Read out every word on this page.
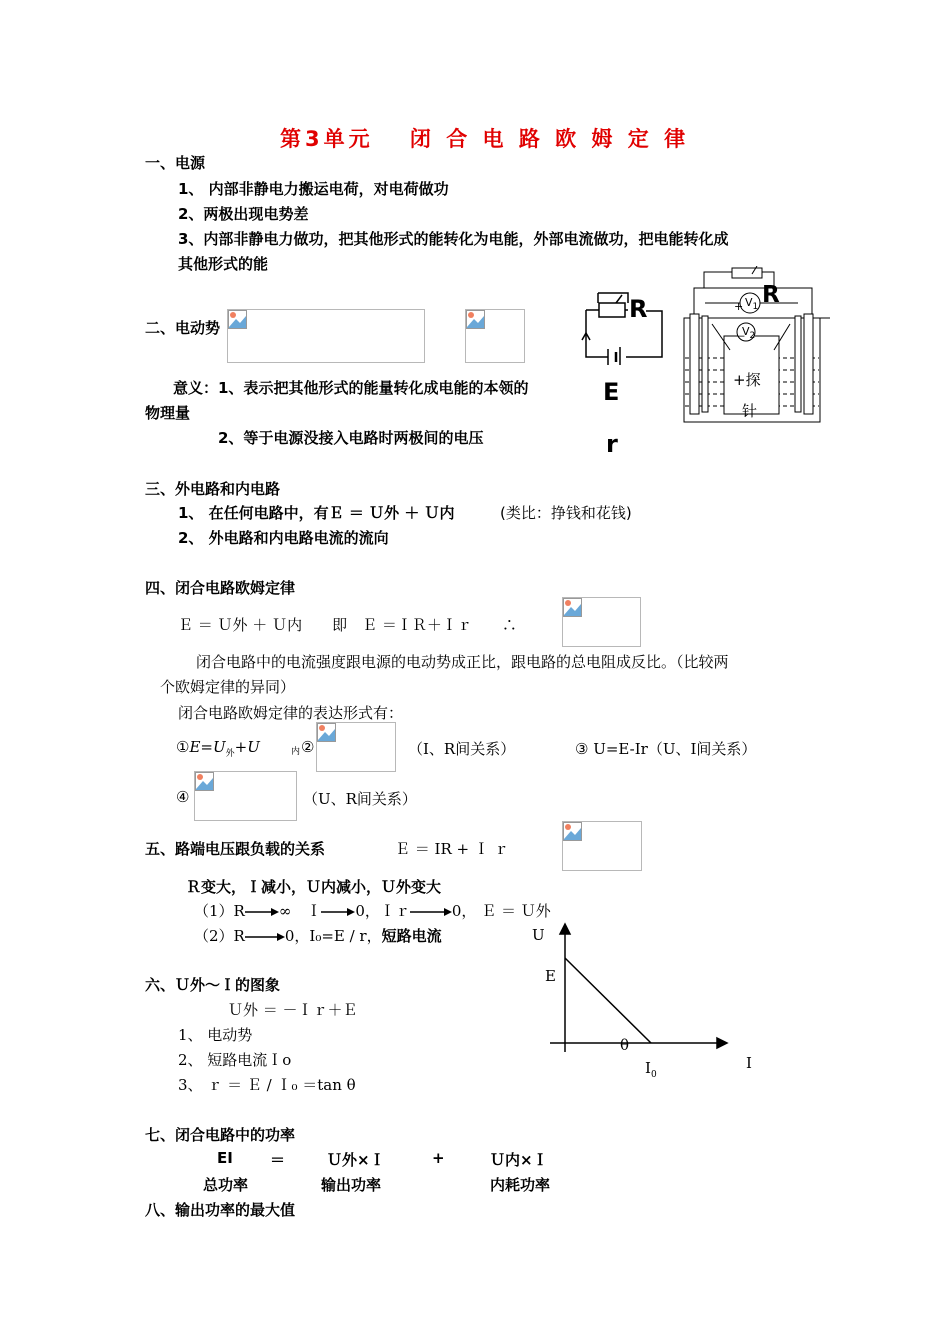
第3单元　 闭 合 电 路 欧 姆 定 律
一、电源
1、 内部非静电力搬运电荷，对电荷做功
2、两极出现电势差
3、内部非静电力做功，把其他形式的能转化为电能，外部电流做功，把电能转化成
其他形式的能
二、电动势
意义：1、表示把其他形式的能量转化成电能的本领的
物理量
2、等于电源没接入电路时两极间的电压
R
E
r
R
$V_1$
$V_2$
+
—
+探
针
三、外电路和内电路
1、 在任何电路中，有Ｅ ＝ Ｕ外 ＋ Ｕ内	(类比：挣钱和花钱)
2、 外电路和内电路电流的流向
四、闭合电路欧姆定律
Ｅ ＝ Ｕ外 ＋ Ｕ内　　即　Ｅ ＝ＩＲ＋Ｉｒ　　∴
闭合电路中的电流强度跟电源的电动势成正比，跟电路的总电阻成反比。（比较两
个欧姆定律的异同）
闭合电路欧姆定律的表达形式有：
$①E=U_外+U$	内 ②	（I、R间关系）	③ U=E-Ir（U、I间关系）
④	（U、R间关系）
五、路端电压跟负载的关系	Ｅ ＝ IR + Ｉ ｒ
Ｒ变大，Ｉ减小，Ｕ内减小，Ｕ外变大
（1）R ∞　Ｉ 0，Ｉｒ	0， Ｅ ＝ Ｕ外
（2）R	0，I₀=E / r，短路电流
六、Ｕ外～Ｉ的图象
Ｕ外 ＝ －Ｉｒ＋Ｅ
1、 电动势
2、 短路电流Ｉo
3、 ｒ ＝ Ｅ / Ｉ₀ ＝tan θ
U
E
θ
$I_0$
I
七、闭合电路中的功率
EI ＝	Ｕ外×Ｉ	+	Ｕ内×Ｉ
总功率	输出功率	内耗功率
八、输出功率的最大值
